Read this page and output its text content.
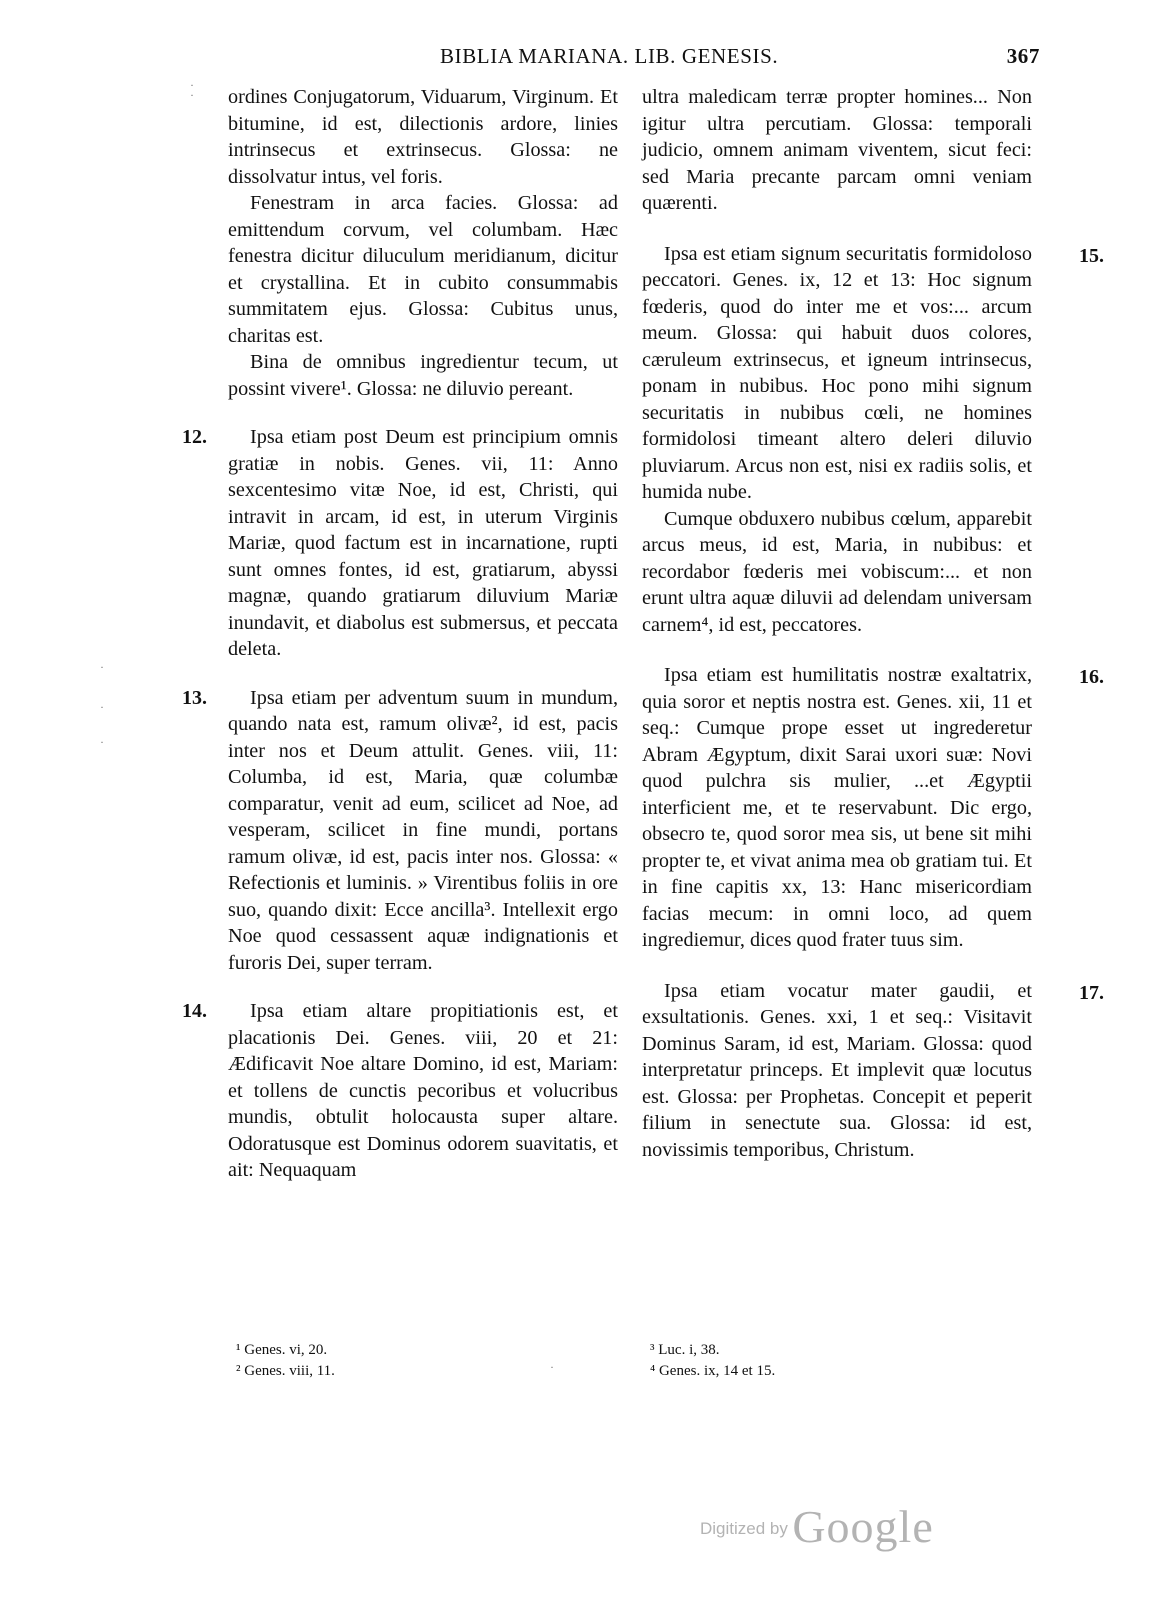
BIBLIA MARIANA. LIB. GENESIS.	367

ordines Conjugatorum, Viduarum, Virginum. Et bitumine, id est, dilectionis ardore, linies intrinsecus et extrinsecus. Glossa: ne dissolvatur intus, vel foris.

Fenestram in arca facies. Glossa: ad emittendum corvum, vel columbam. Hæc fenestra dicitur diluculum meridianum, dicitur et crystallina. Et in cubito consummabis summitatem ejus. Glossa: Cubitus unus, charitas est.

Bina de omnibus ingredientur tecum, ut possint vivere¹. Glossa: ne diluvio pereant.

12. Ipsa etiam post Deum est principium omnis gratiæ in nobis. Genes. vii, 11: Anno sexcentesimo vitæ Noe, id est, Christi, qui intravit in arcam, id est, in uterum Virginis Mariæ, quod factum est in incarnatione, rupti sunt omnes fontes, id est, gratiarum, abyssi magnæ, quando gratiarum diluvium Mariæ inundavit, et diabolus est submersus, et peccata deleta.
13. Ipsa etiam per adventum suum in mundum, quando nata est, ramum olivæ², id est, pacis inter nos et Deum attulit. Genes. viii, 11: Columba, id est, Maria, quæ columbæ comparatur, venit ad eum, scilicet ad Noe, ad vesperam, scilicet in fine mundi, portans ramum olivæ, id est, pacis inter nos. Glossa: « Refectionis et luminis. » Virentibus foliis in ore suo, quando dixit: Ecce ancilla³. Intellexit ergo Noe quod cessassent aquæ indignationis et furoris Dei, super terram.
14. Ipsa etiam altare propitiationis est, et placationis Dei. Genes. viii, 20 et 21: Ædificavit Noe altare Domino, id est, Mariam: et tollens de cunctis pecoribus et volucribus mundis, obtulit holocausta super altare. Odoratusque est Dominus odorem suavitatis, et ait: Nequaquam

ultra maledicam terræ propter homines... Non igitur ultra percutiam. Glossa: temporali judicio, omnem animam viventem, sicut feci: sed Maria precante parcam omni veniam quærenti.

15.
Ipsa est etiam signum securitatis formidoloso peccatori. Genes. ix, 12 et 13: Hoc signum fœderis, quod do inter me et vos:... arcum meum. Glossa: qui habuit duos colores, cæruleum extrinsecus, et igneum intrinsecus, ponam in nubibus. Hoc pono mihi signum securitatis in nubibus cœli, ne homines formidolosi timeant altero deleri diluvio pluviarum. Arcus non est, nisi ex radiis solis, et humida nube.

Cumque obduxero nubibus cœlum, apparebit arcus meus, id est, Maria, in nubibus: et recordabor fœderis mei vobiscum:... et non erunt ultra aquæ diluvii ad delendam universam carnem⁴, id est, peccatores.

16.
Ipsa etiam est humilitatis nostræ exaltatrix, quia soror et neptis nostra est. Genes. xii, 11 et seq.: Cumque prope esset ut ingrederetur Abram Ægyptum, dixit Sarai uxori suæ: Novi quod pulchra sis mulier, ...et Ægyptii interficient me, et te reservabunt. Dic ergo, obsecro te, quod soror mea sis, ut bene sit mihi propter te, et vivat anima mea ob gratiam tui. Et in fine capitis xx, 13: Hanc misericordiam facias mecum: in omni loco, ad quem ingrediemur, dices quod frater tuus sim.
17.
Ipsa etiam vocatur mater gaudii, et exsultationis. Genes. xxi, 1 et seq.: Visitavit Dominus Saram, id est, Mariam. Glossa: quod interpretatur princeps. Et implevit quæ locutus est. Glossa: per Prophetas. Concepit et peperit filium in senectute sua. Glossa: id est, novissimis temporibus, Christum.
¹ Genes. vi, 20.
² Genes. viii, 11.
³ Luc. i, 38.
⁴ Genes. ix, 14 et 15.
·
·
·
·
·
·
Digitized by Google
